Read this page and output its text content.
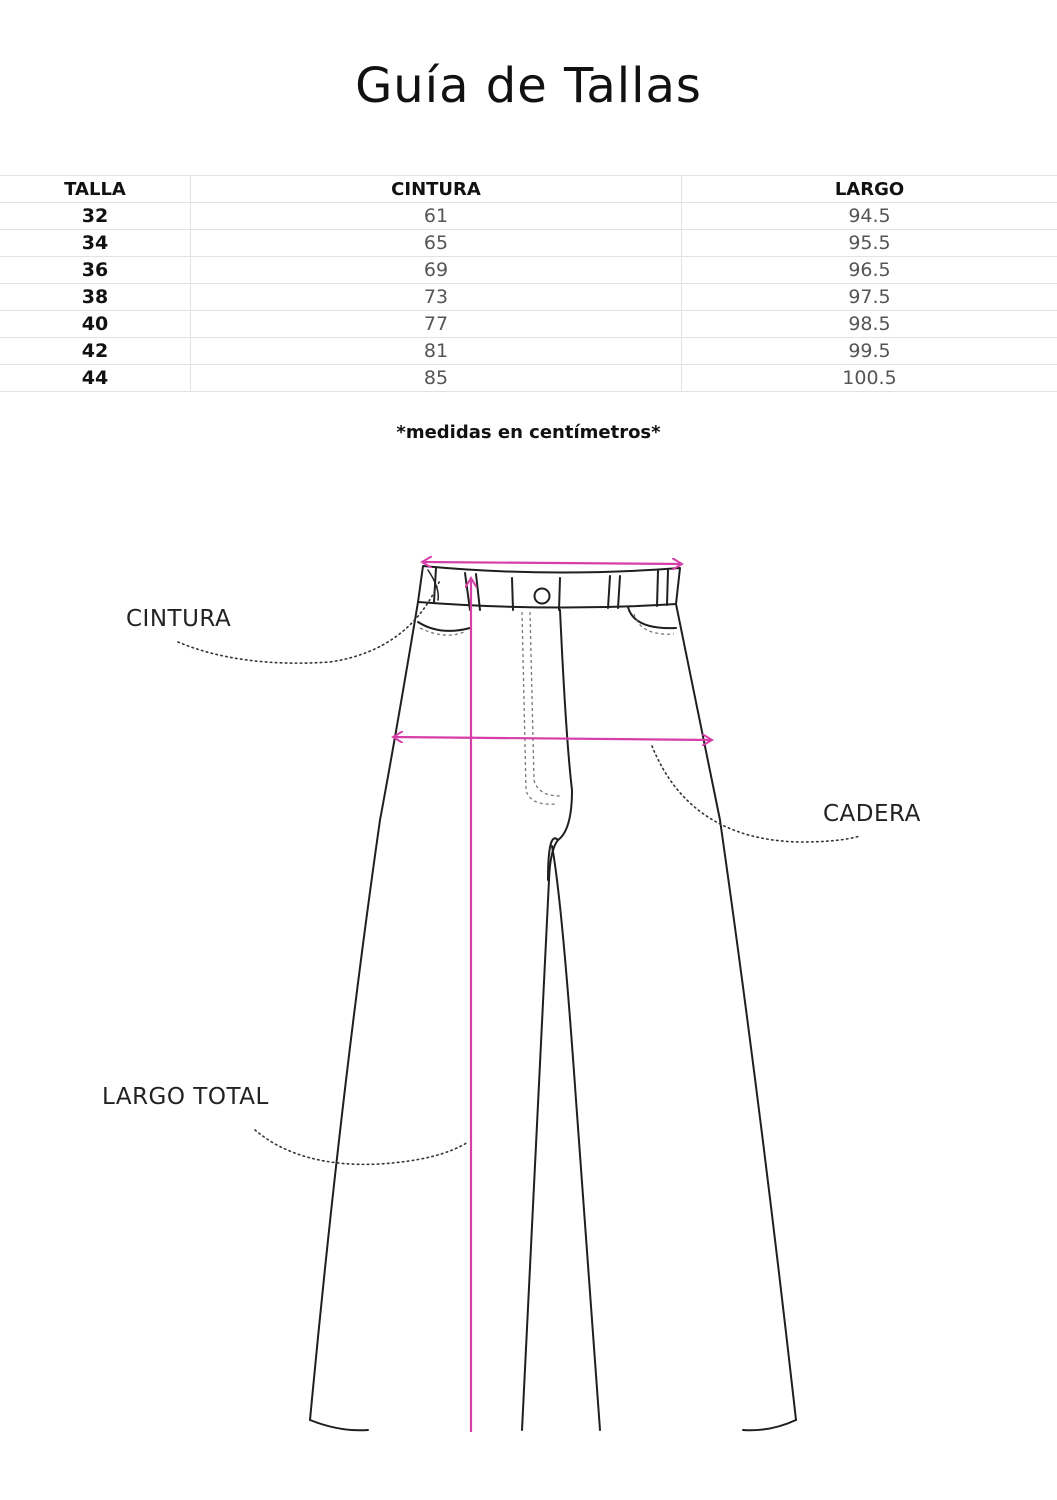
Guía de Tallas
TALLA	CINTURA	LARGO
32	61	94.5
34	65	95.5
36	69	96.5
38	73	97.5
40	77	98.5
42	81	99.5
44	85	100.5
*medidas en centímetros*
CINTURA
CADERA
LARGO TOTAL
